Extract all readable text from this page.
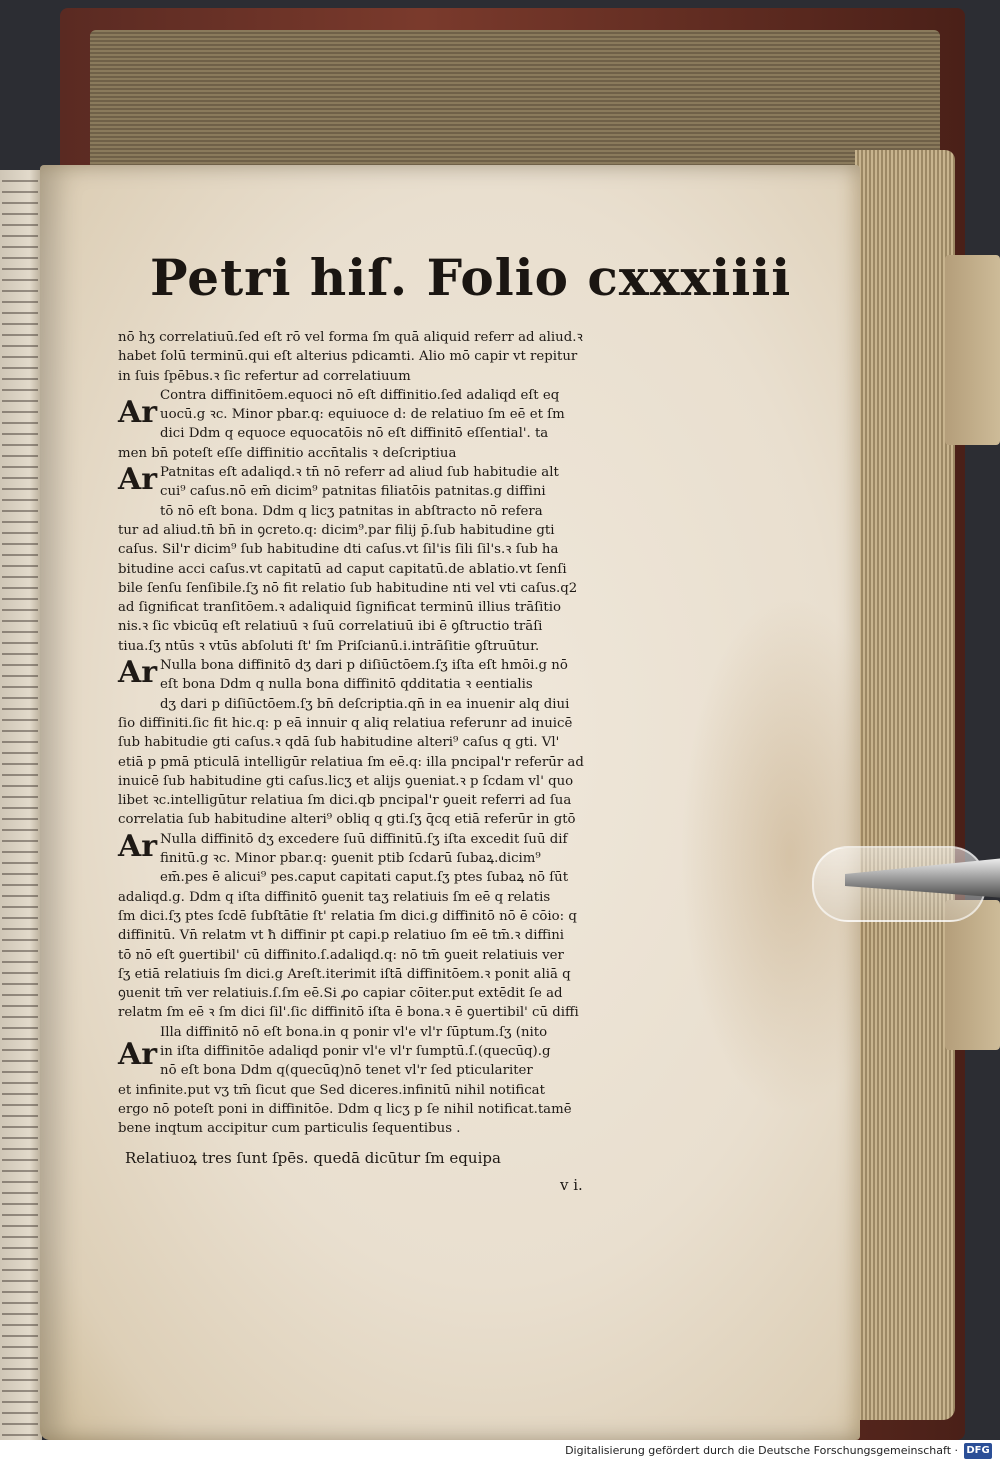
Petri hiſ. Folio cxxxiiii
nō hʒ correlatiuū.ſed eſt rō vel forma ſm quā aliquid referr ad aliud.ꝛ
habet ſolū terminū.qui eſt alterius pdicamti. Alio mō capir vt repitur
in ſuis ſpēbus.ꝛ ſic refertur ad correlatiuum
Contra diffinitōem.equoci nō eſt diffinitio.ſed adaliqd eſt eq
uocū.g ꝛc. Minor pbar.q: equiuoce d: de relatiuo ſm eē et ſm
dici Ddm q equoce equocatōis nō eſt diffinitō eſſential'. ta
men bn̄ poteſt eſſe diffinitio accn̄talis ꝛ deſcriptiua
Patnitas eſt adaliqd.ꝛ tn̄ nō referr ad aliud ſub habitudie alt
cui⁹ caſus.nō em̄ dicim⁹ patnitas filiatōis patnitas.g diffini
tō nō eſt bona. Ddm q licʒ patnitas in abſtracto nō refera
tur ad aliud.tn̄ bn̄ in ꝯcreto.q: dicim⁹.par filij p̄.ſub habitudine gti
caſus. Sil'r dicim⁹ ſub habitudine dti caſus.vt ſil'is ſili ſil's.ꝛ ſub ha
bitudine acci caſus.vt capitatū ad caput capitatū.de ablatio.vt ſenſi
bile ſenſu ſenſibile.ſʒ nō fit relatio ſub habitudine nti vel vti caſus.q2
ad ſignificat tranſitōem.ꝛ adaliquid ſignificat terminū illius trāſitio
nis.ꝛ ſic vbicūq eſt relatiuū ꝛ ſuū correlatiuū ibi ē ꝯſtructio trāſi
tiua.ſʒ ntūs ꝛ vtūs abſoluti ſt' ſm Priſcianū.i.intrāſitie ꝯſtruūtur.
Nulla bona diffinitō dʒ dari p diſiūctōem.ſʒ iſta eſt hmōi.g nō
eſt bona Ddm q nulla bona diffinitō qdditatia ꝛ eentialis
dʒ dari p diſiūctōem.ſʒ bn̄ deſcriptia.qn̄ in ea inuenir alq diui
ſio diffiniti.ſic fit hic.q: p eā innuir q aliq relatiua referunr ad inuicē
ſub habitudie gti caſus.ꝛ qdā ſub habitudine alteri⁹ caſus q gti. Vl'
etiā p pmā pticulā intelligūr relatiua ſm eē.q: illa pncipal'r referūr ad
inuicē ſub habitudine gti caſus.licʒ et alijs ꝯueniat.ꝛ p ſcdam vl' quo
libet ꝛc.intelligūtur relatiua ſm dici.qb pncipal'r ꝯueit referri ad ſua
correlatia ſub habitudine alteri⁹ obliq q gti.ſʒ q̄cq etiā referūr in gtō
Nulla diffinitō dʒ excedere ſuū diffinitū.ſʒ iſta excedit ſuū dif
finitū.g ꝛc. Minor pbar.q: ꝯuenit ptib ſcdarū ſubaꝝ.dicim⁹
em̄.pes ē alicui⁹ pes.caput capitati caput.ſʒ ptes ſubaꝝ nō ſūt
adaliqd.g. Ddm q iſta diffinitō ꝯuenit taʒ relatiuis ſm eē q relatis
ſm dici.ſʒ ptes ſcdē ſubſtātie ſt' relatia ſm dici.g diffinitō nō ē cōio: q
diffinitū. Vn̄ relatm vt ħ diffinir pt capi.p relatiuo ſm eē tm̄.ꝛ diffini
tō nō eſt ꝯuertibil' cū diffinito.ſ.adaliqd.q: nō tm̄ ꝯueit relatiuis ver
ſʒ etiā relatiuis ſm dici.g Areſt.iterimit iſtā diffinitōem.ꝛ ponit aliā q
ꝯuenit tm̄ ver relatiuis.ſ.ſm eē.Si ꝓo capiar cōiter.put extēdit ſe ad
relatm ſm eē ꝛ ſm dici ſil'.ſic diffinitō iſta ē bona.ꝛ ē ꝯuertibil' cū diffi
Illa diffinitō nō eſt bona.in q ponir vl'e vl'r ſūptum.ſʒ (nito
in iſta diffinitōe adaliqd ponir vl'e vl'r ſumptū.ſ.(quecūq).g
nō eſt bona Ddm q(quecūq)nō tenet vl'r ſed pticulariter
et infinite.put vʒ tm̄ ſicut que Sed diceres.infinitū nihil notificat
ergo nō poteſt poni in diffinitōe. Ddm q licʒ p ſe nihil notificat.tamē
bene inqtum accipitur cum particulis ſequentibus .
Ar
Ar
Ar
Ar
Ar
Relatiuoꝝ tres ſunt ſpēs. quedā dicūtur ſm equipa
v i.
Digitalisierung gefördert durch die Deutsche Forschungsgemeinschaft · DFG
